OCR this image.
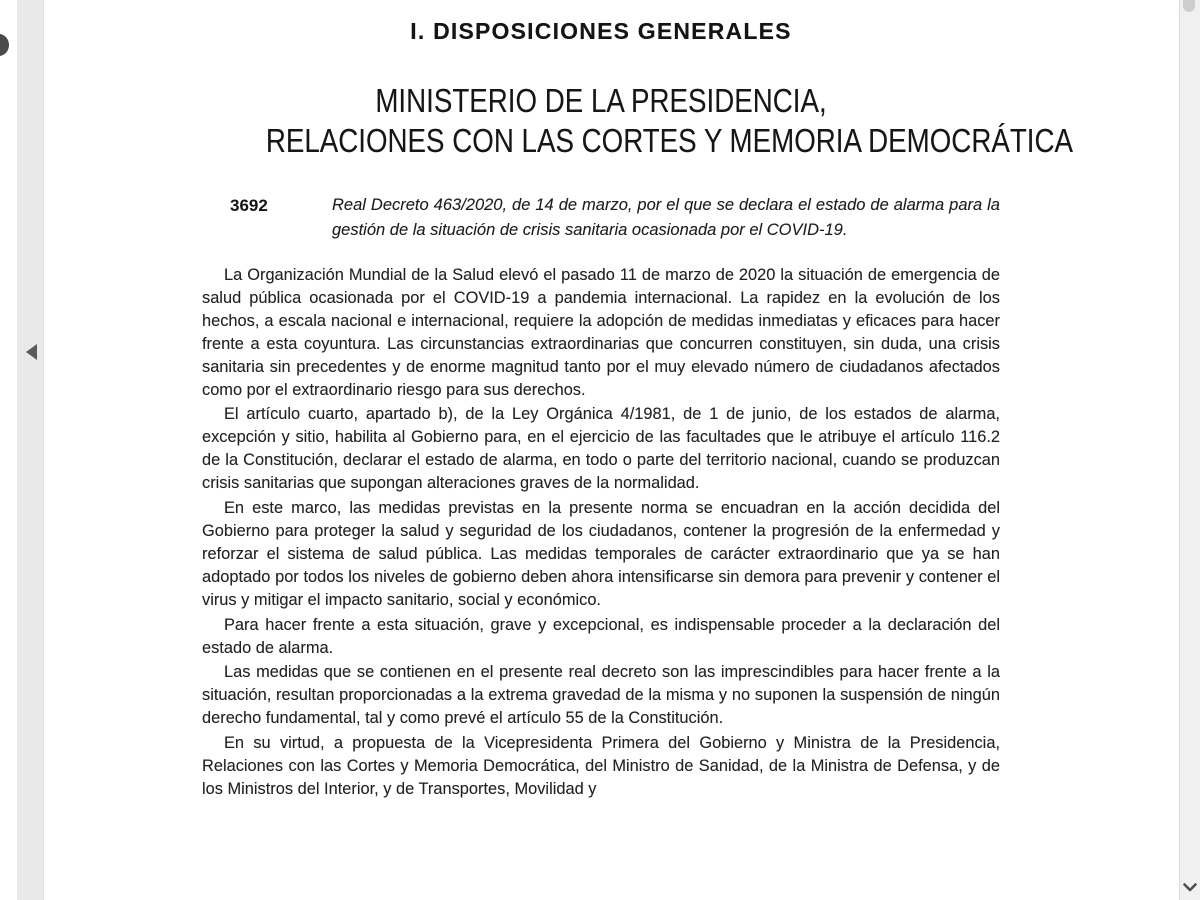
I. DISPOSICIONES GENERALES
MINISTERIO DE LA PRESIDENCIA,
RELACIONES CON LAS CORTES Y MEMORIA DEMOCRÁTICA
3692	Real Decreto 463/2020, de 14 de marzo, por el que se declara el estado de alarma para la gestión de la situación de crisis sanitaria ocasionada por el COVID-19.

La Organización Mundial de la Salud elevó el pasado 11 de marzo de 2020 la situación de emergencia de salud pública ocasionada por el COVID-19 a pandemia internacional. La rapidez en la evolución de los hechos, a escala nacional e internacional, requiere la adopción de medidas inmediatas y eficaces para hacer frente a esta coyuntura. Las circunstancias extraordinarias que concurren constituyen, sin duda, una crisis sanitaria sin precedentes y de enorme magnitud tanto por el muy elevado número de ciudadanos afectados como por el extraordinario riesgo para sus derechos.

El artículo cuarto, apartado b), de la Ley Orgánica 4/1981, de 1 de junio, de los estados de alarma, excepción y sitio, habilita al Gobierno para, en el ejercicio de las facultades que le atribuye el artículo 116.2 de la Constitución, declarar el estado de alarma, en todo o parte del territorio nacional, cuando se produzcan crisis sanitarias que supongan alteraciones graves de la normalidad.

En este marco, las medidas previstas en la presente norma se encuadran en la acción decidida del Gobierno para proteger la salud y seguridad de los ciudadanos, contener la progresión de la enfermedad y reforzar el sistema de salud pública. Las medidas temporales de carácter extraordinario que ya se han adoptado por todos los niveles de gobierno deben ahora intensificarse sin demora para prevenir y contener el virus y mitigar el impacto sanitario, social y económico.

Para hacer frente a esta situación, grave y excepcional, es indispensable proceder a la declaración del estado de alarma.

Las medidas que se contienen en el presente real decreto son las imprescindibles para hacer frente a la situación, resultan proporcionadas a la extrema gravedad de la misma y no suponen la suspensión de ningún derecho fundamental, tal y como prevé el artículo 55 de la Constitución.

En su virtud, a propuesta de la Vicepresidenta Primera del Gobierno y Ministra de la Presidencia, Relaciones con las Cortes y Memoria Democrática, del Ministro de Sanidad, de la Ministra de Defensa, y de los Ministros del Interior, y de Transportes, Movilidad y
